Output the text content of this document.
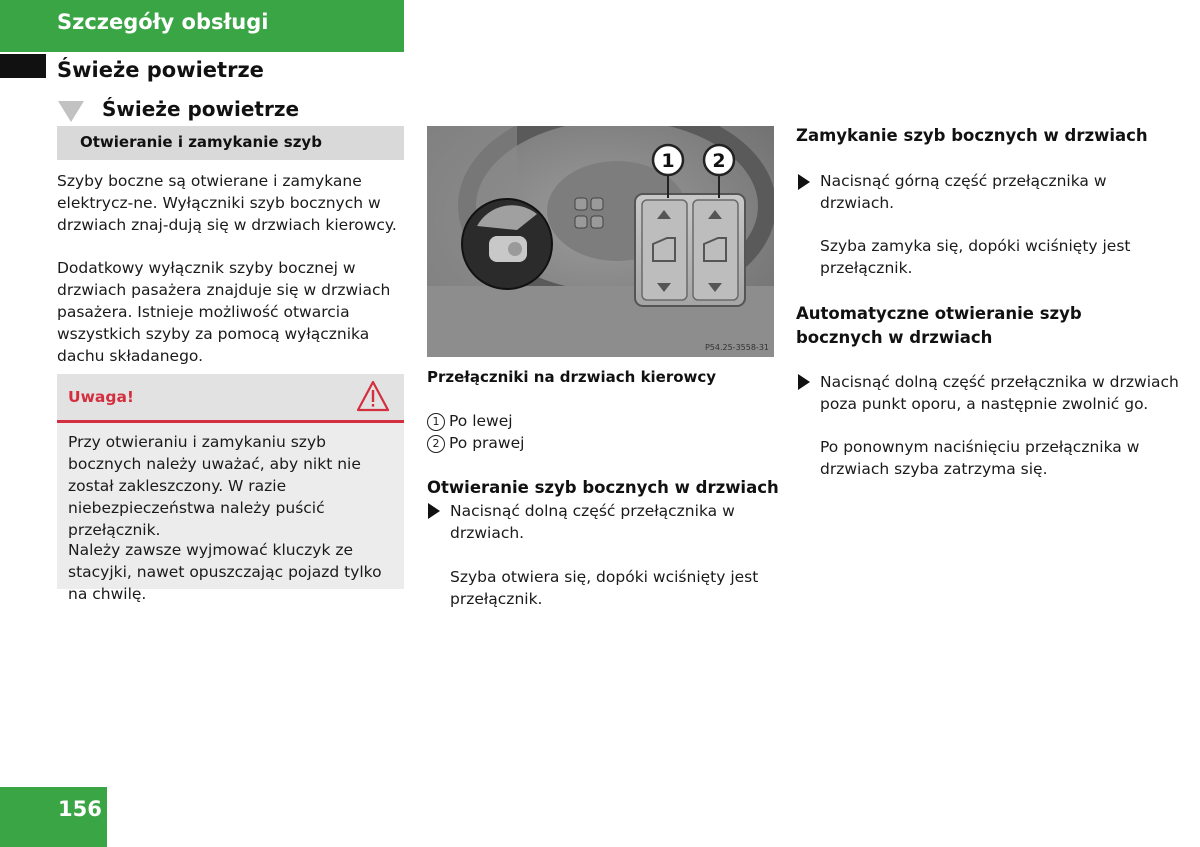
Szczegóły obsługi
Świeże powietrze
Świeże powietrze
Otwieranie i zamykanie szyb
Szyby boczne są otwierane i zamykane elektrycz-ne. Wyłączniki szyb bocznych w drzwiach znaj-dują się w drzwiach kierowcy.
Dodatkowy wyłącznik szyby bocznej w drzwiach pasażera znajduje się w drzwiach pasażera. Istnieje możliwość otwarcia wszystkich szyby za pomocą wyłącznika dachu składanego.
Uwaga!

Przy otwieraniu i zamykaniu szyb bocznych należy uważać, aby nikt nie został zakleszczony. W razie niebezpieczeństwa należy puścić przełącznik.

Należy zawsze wyjmować kluczyk ze stacyjki, nawet opuszczając pojazd tylko na chwilę.

1 2
P54.25-3558-31
Przełączniki na drzwiach kierowcy
1 Po lewej
2 Po prawej
Otwieranie szyb bocznych w drzwiach
Nacisnąć dolną część przełącznika w drzwiach.
Szyba otwiera się, dopóki wciśnięty jest przełącznik.
Zamykanie szyb bocznych w drzwiach
Nacisnąć górną część przełącznika w drzwiach.
Szyba zamyka się, dopóki wciśnięty jest przełącznik.
Automatyczne otwieranie szyb bocznych w drzwiach
Nacisnąć dolną część przełącznika w drzwiach poza punkt oporu, a następnie zwolnić go.
Po ponownym naciśnięciu przełącznika w drzwiach szyba zatrzyma się.
156
